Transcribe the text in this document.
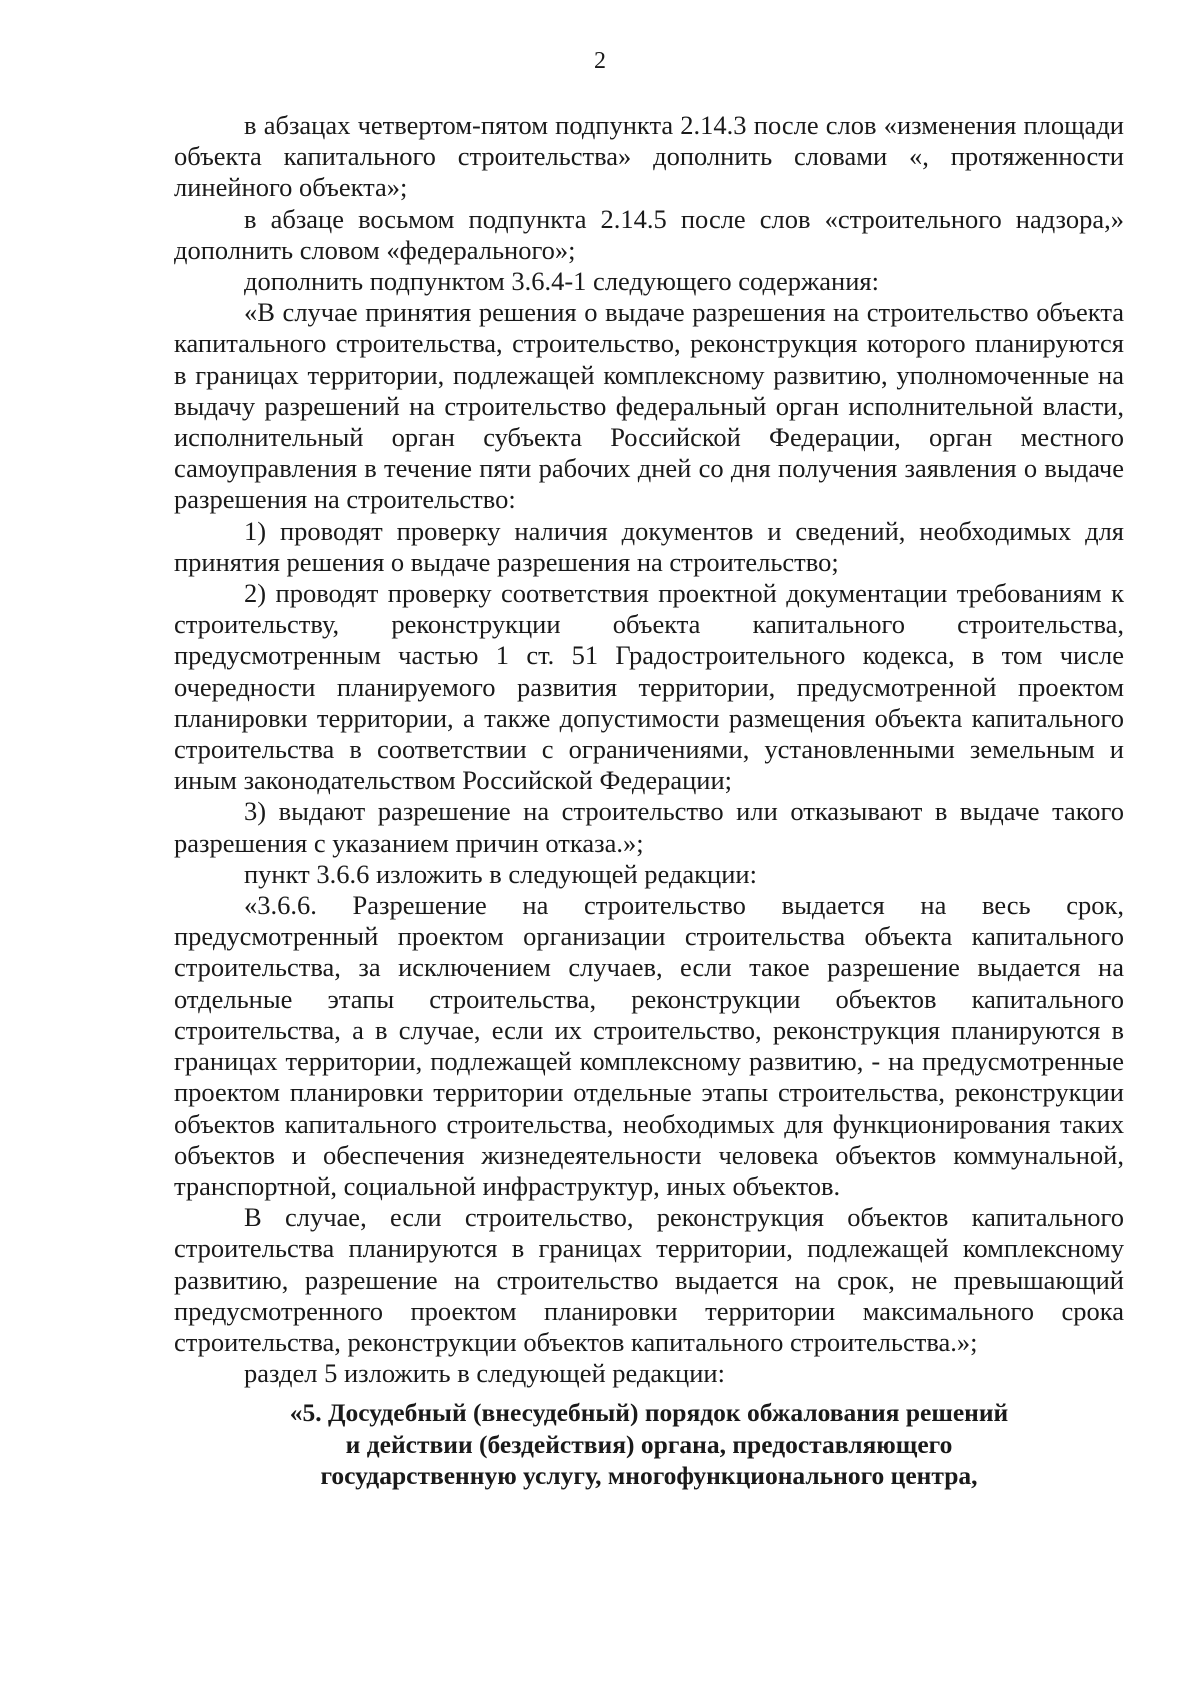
2

в абзацах четвертом-пятом подпункта 2.14.3 после слов «изменения площади объекта капитального строительства» дополнить словами «, протяженности линейного объекта»;

в абзаце восьмом подпункта 2.14.5 после слов «строительного надзора,» дополнить словом «федерального»;

дополнить подпунктом 3.6.4-1 следующего содержания:

«В случае принятия решения о выдаче разрешения на строительство объекта капитального строительства, строительство, реконструкция которого планируются в границах территории, подлежащей комплексному развитию, уполномоченные на выдачу разрешений на строительство федеральный орган исполнительной власти, исполнительный орган субъекта Российской Федерации, орган местного самоуправления в течение пяти рабочих дней со дня получения заявления о выдаче разрешения на строительство:

1) проводят проверку наличия документов и сведений, необходимых для принятия решения о выдаче разрешения на строительство;

2) проводят проверку соответствия проектной документации требованиям к строительству, реконструкции объекта капитального строительства, предусмотренным частью 1 ст. 51 Градостроительного кодекса, в том числе очередности планируемого развития территории, предусмотренной проектом планировки территории, а также допустимости размещения объекта капитального строительства в соответствии с ограничениями, установленными земельным и иным законодательством Российской Федерации;

3) выдают разрешение на строительство или отказывают в выдаче такого разрешения с указанием причин отказа.»;

пункт 3.6.6 изложить в следующей редакции:

«3.6.6. Разрешение на строительство выдается на весь срок, предусмотренный проектом организации строительства объекта капитального строительства, за исключением случаев, если такое разрешение выдается на отдельные этапы строительства, реконструкции объектов капитального строительства, а в случае, если их строительство, реконструкция планируются в границах территории, подлежащей комплексному развитию, - на предусмотренные проектом планировки территории отдельные этапы строительства, реконструкции объектов капитального строительства, необходимых для функционирования таких объектов и обеспечения жизнедеятельности человека объектов коммунальной, транспортной, социальной инфраструктур, иных объектов.

В случае, если строительство, реконструкция объектов капитального строительства планируются в границах территории, подлежащей комплексному развитию, разрешение на строительство выдается на срок, не превышающий предусмотренного проектом планировки территории максимального срока строительства, реконструкции объектов капитального строительства.»;

раздел 5 изложить в следующей редакции:

«5. Досудебный (внесудебный) порядок обжалования решений
и действии (бездействия) органа, предоставляющего
государственную услугу, многофункционального центра,
